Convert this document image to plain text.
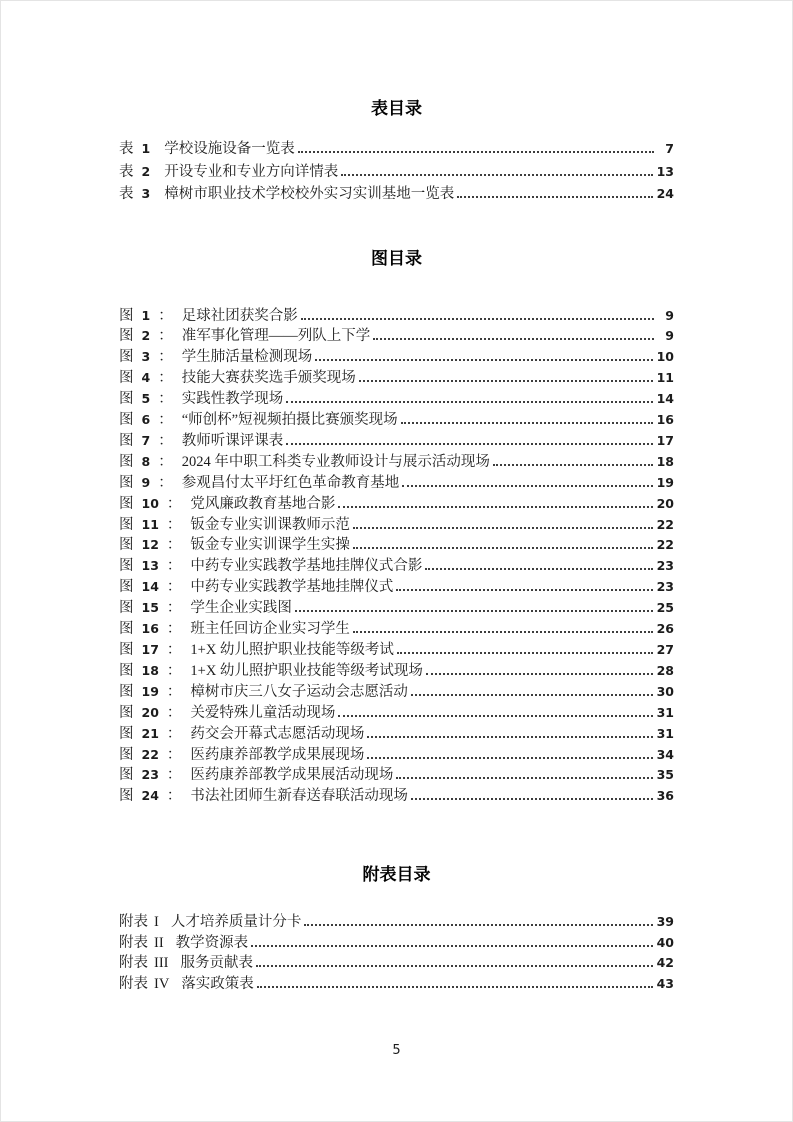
表目录
表 1 学校设施设备一览表	7
表 2 开设专业和专业方向详情表	13
表 3 樟树市职业技术学校校外实习实训基地一览表	24
图目录
图 1 ： 足球社团获奖合影	9
图 2 ： 准军事化管理——列队上下学	9
图 3 ： 学生肺活量检测现场	10
图 4 ： 技能大赛获奖选手颁奖现场	11
图 5 ： 实践性教学现场	14
图 6 ： “师创杯”短视频拍摄比赛颁奖现场	16
图 7 ： 教师听课评课表	17
图 8 ： 2024 年中职工科类专业教师设计与展示活动现场	18
图 9 ： 参观昌付太平圩红色革命教育基地	19
图 10 ： 党风廉政教育基地合影	20
图 11 ： 钣金专业实训课教师示范	22
图 12 ： 钣金专业实训课学生实操	22
图 13 ： 中药专业实践教学基地挂牌仪式合影	23
图 14 ： 中药专业实践教学基地挂牌仪式	23
图 15 ： 学生企业实践图	25
图 16 ： 班主任回访企业实习学生	26
图 17 ： 1+X 幼儿照护职业技能等级考试	27
图 18 ： 1+X 幼儿照护职业技能等级考试现场	28
图 19 ： 樟树市庆三八女子运动会志愿活动	30
图 20 ： 关爱特殊儿童活动现场	31
图 21 ： 药交会开幕式志愿活动现场	31
图 22 ： 医药康养部教学成果展现场	34
图 23 ： 医药康养部教学成果展活动现场	35
图 24 ： 书法社团师生新春送春联活动现场	36
附表目录
附表 I 人才培养质量计分卡	39
附表 II 教学资源表	40
附表 III 服务贡献表	42
附表 IV 落实政策表	43
5
